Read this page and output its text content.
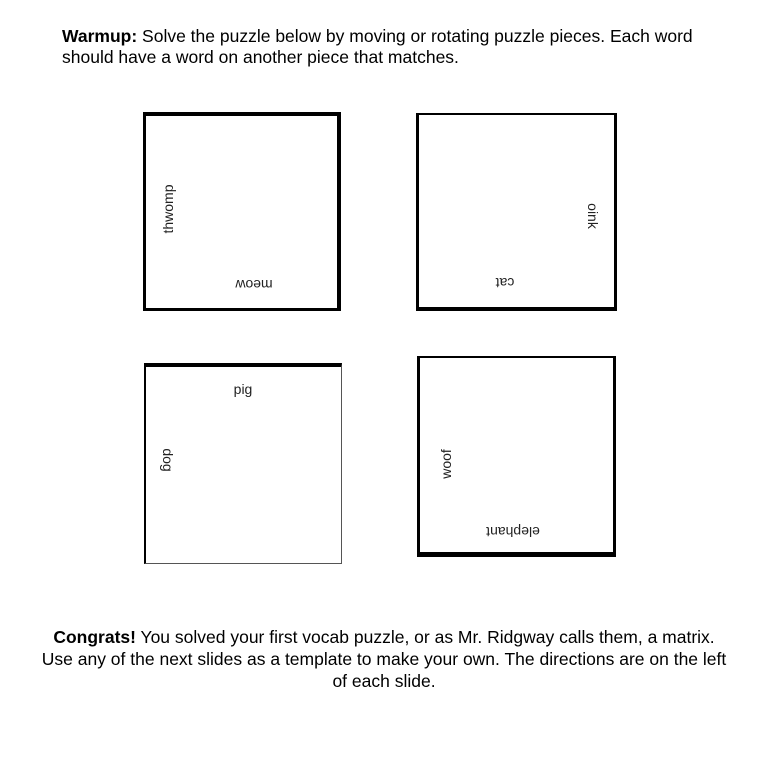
Warmup: Solve the puzzle below by moving or rotating puzzle pieces. Each word should have a word on another piece that matches.
thwomp
meow
oink
cat
pig
dog	woof
elephant
Congrats! You solved your first vocab puzzle, or as Mr. Ridgway calls them, a matrix. Use any of the next slides as a template to make your own. The directions are on the left of each slide.
